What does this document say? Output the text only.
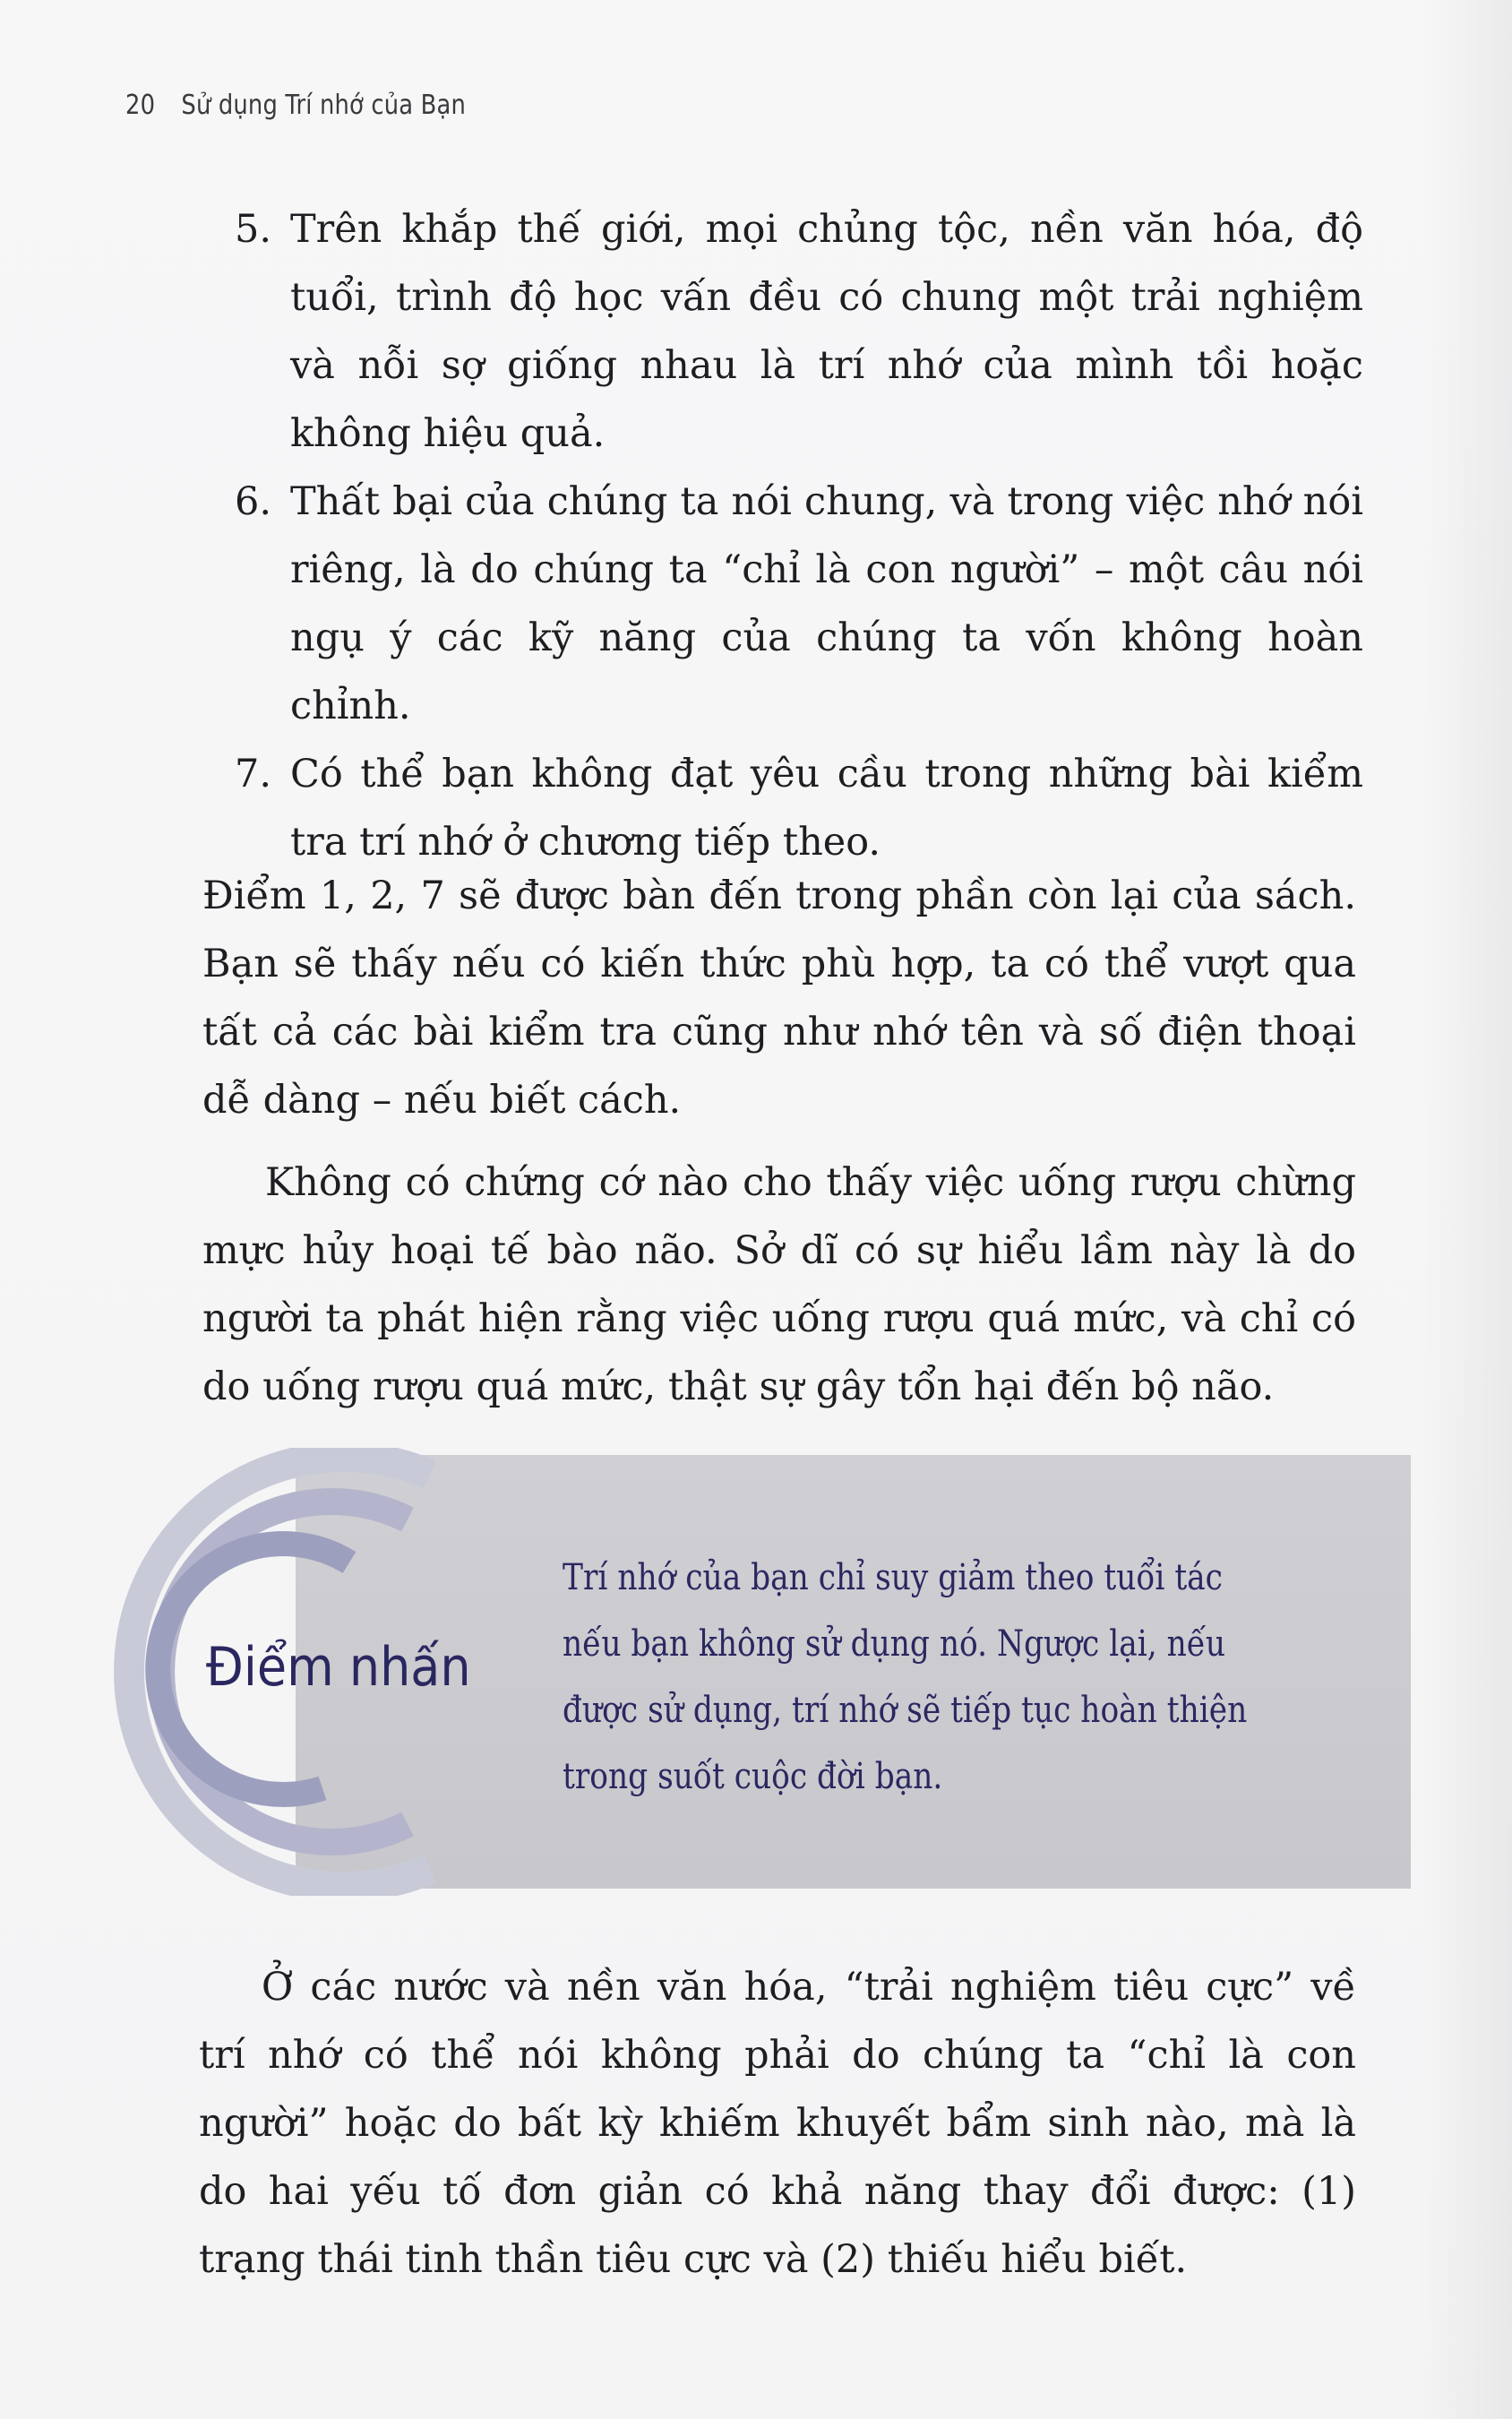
20 Sử dụng Trí nhớ của Bạn
5. Trên khắp thế giới, mọi chủng tộc, nền văn hóa, độ tuổi, trình độ học vấn đều có chung một trải nghiệm và nỗi sợ giống nhau là trí nhớ của mình tồi hoặc không hiệu quả.
6. Thất bại của chúng ta nói chung, và trong việc nhớ nói riêng, là do chúng ta “chỉ là con người” – một câu nói ngụ ý các kỹ năng của chúng ta vốn không hoàn chỉnh.
7. Có thể bạn không đạt yêu cầu trong những bài kiểm tra trí nhớ ở chương tiếp theo.

Điểm 1, 2, 7 sẽ được bàn đến trong phần còn lại của sách. Bạn sẽ thấy nếu có kiến thức phù hợp, ta có thể vượt qua tất cả các bài kiểm tra cũng như nhớ tên và số điện thoại dễ dàng – nếu biết cách.

Không có chứng cớ nào cho thấy việc uống rượu chừng mực hủy hoại tế bào não. Sở dĩ có sự hiểu lầm này là do người ta phát hiện rằng việc uống rượu quá mức, và chỉ có do uống rượu quá mức, thật sự gây tổn hại đến bộ não.

Điểm nhấn
Trí nhớ của bạn chỉ suy giảm theo tuổi tác nếu bạn không sử dụng nó. Ngược lại, nếu được sử dụng, trí nhớ sẽ tiếp tục hoàn thiện trong suốt cuộc đời bạn.

Ở các nước và nền văn hóa, “trải nghiệm tiêu cực” về trí nhớ có thể nói không phải do chúng ta “chỉ là con người” hoặc do bất kỳ khiếm khuyết bẩm sinh nào, mà là do hai yếu tố đơn giản có khả năng thay đổi được: (1) trạng thái tinh thần tiêu cực và (2) thiếu hiểu biết.
